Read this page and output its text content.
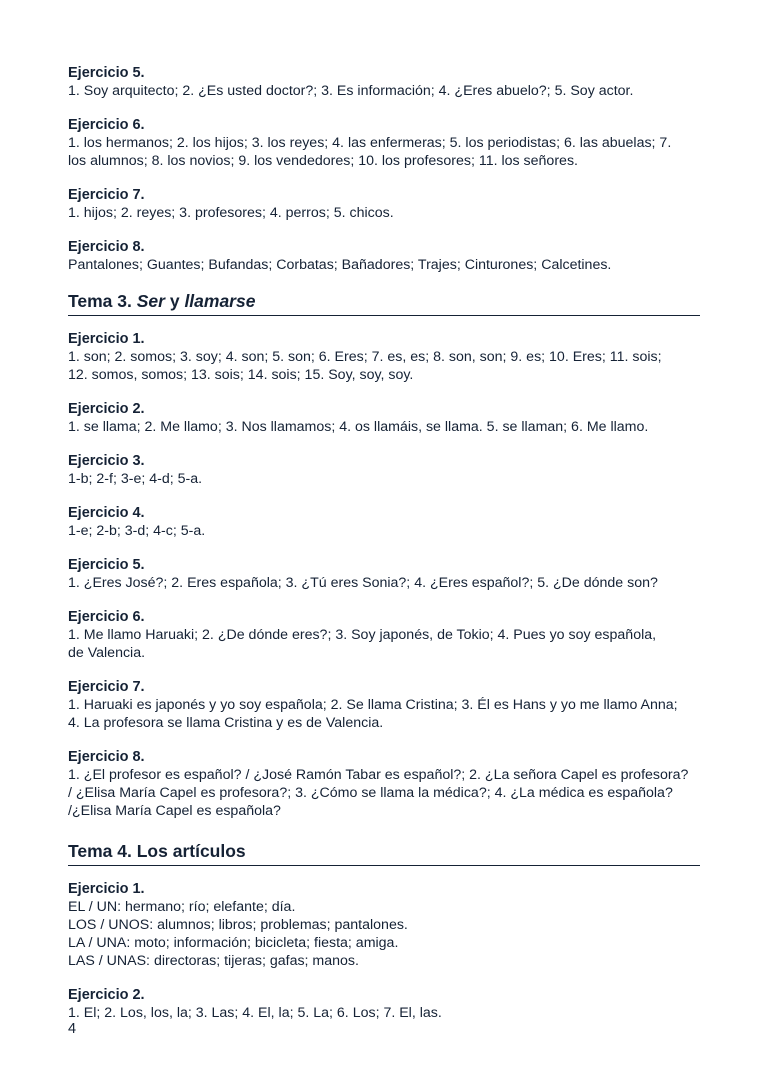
Ejercicio 5.
1. Soy arquitecto; 2. ¿Es usted doctor?; 3. Es información; 4. ¿Eres abuelo?; 5. Soy actor.
Ejercicio 6.
1. los hermanos; 2. los hijos; 3. los reyes; 4. las enfermeras; 5. los periodistas; 6. las abuelas; 7.
los alumnos; 8. los novios; 9. los vendedores; 10. los profesores; 11. los señores.
Ejercicio 7.
1. hijos; 2. reyes; 3. profesores; 4. perros; 5. chicos.
Ejercicio 8.
Pantalones; Guantes; Bufandas; Corbatas; Bañadores; Trajes; Cinturones; Calcetines.
Tema 3. Ser y llamarse
Ejercicio 1.
1. son; 2. somos; 3. soy; 4. son; 5. son; 6. Eres; 7. es, es; 8. son, son; 9. es; 10. Eres; 11. sois;
12. somos, somos; 13. sois; 14. sois; 15. Soy, soy, soy.
Ejercicio 2.
1. se llama; 2. Me llamo; 3. Nos llamamos; 4. os llamáis, se llama. 5. se llaman; 6. Me llamo.
Ejercicio 3.
1-b; 2-f; 3-e; 4-d; 5-a.
Ejercicio 4.
1-e; 2-b; 3-d; 4-c; 5-a.
Ejercicio 5.
1. ¿Eres José?; 2. Eres española; 3. ¿Tú eres Sonia?; 4. ¿Eres español?; 5. ¿De dónde son?
Ejercicio 6.
1. Me llamo Haruaki; 2. ¿De dónde eres?; 3. Soy japonés, de Tokio; 4. Pues yo soy española,
de Valencia.
Ejercicio 7.
1. Haruaki es japonés y yo soy española; 2. Se llama Cristina; 3. Él es Hans y yo me llamo Anna;
4. La profesora se llama Cristina y es de Valencia.
Ejercicio 8.
1. ¿El profesor es español? / ¿José Ramón Tabar es español?; 2. ¿La señora Capel es profesora?
/ ¿Elisa María Capel es profesora?; 3. ¿Cómo se llama la médica?; 4. ¿La médica es española?
/¿Elisa María Capel es española?
Tema 4. Los artículos
Ejercicio 1.
EL / UN: hermano; río; elefante; día.
LOS / UNOS: alumnos; libros; problemas; pantalones.
LA / UNA: moto; información; bicicleta; fiesta; amiga.
LAS / UNAS: directoras; tijeras; gafas; manos.
Ejercicio 2.
1. El; 2. Los, los, la; 3. Las; 4. El, la; 5. La; 6. Los; 7. El, las.
4
